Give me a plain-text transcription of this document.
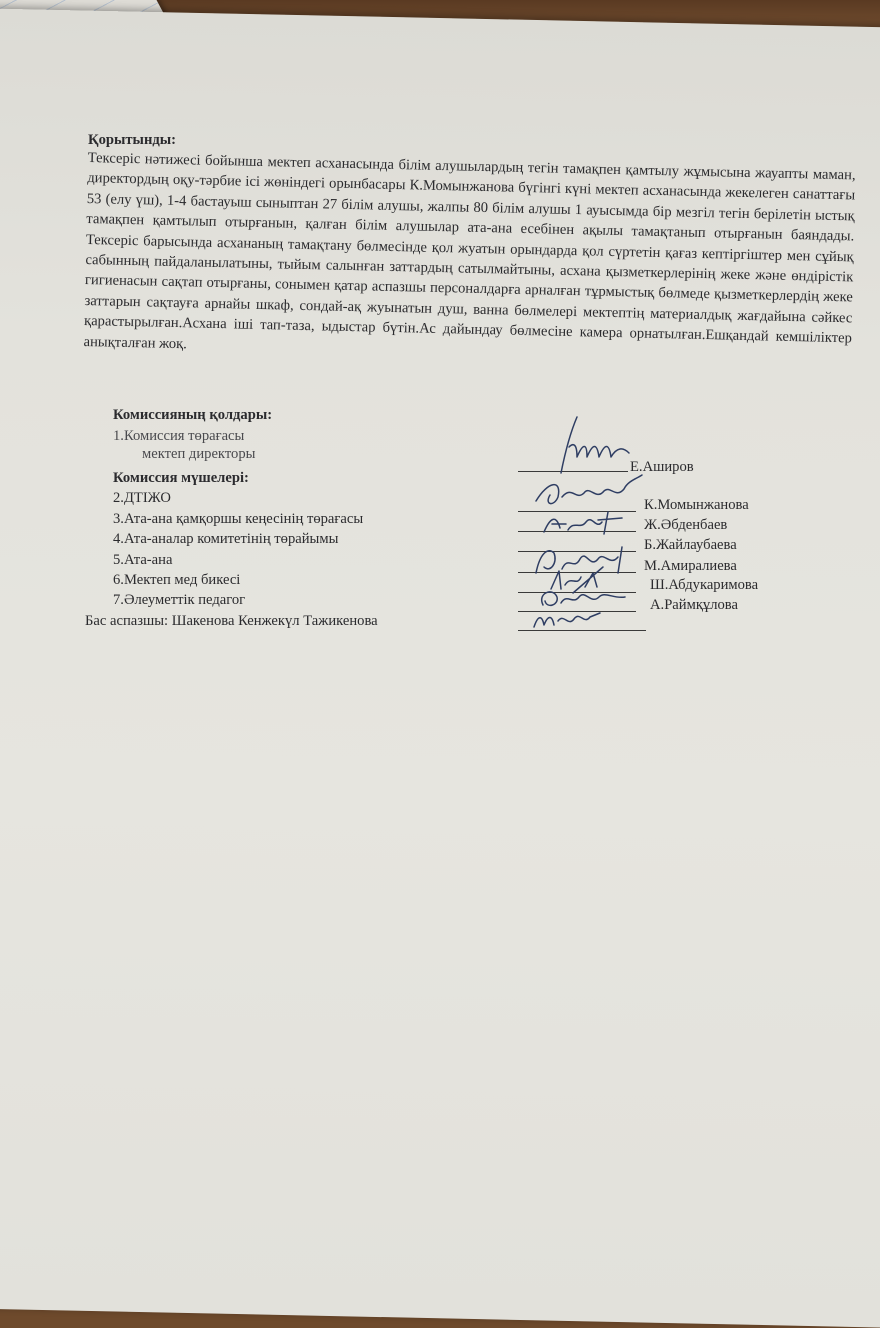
Қорытынды:

Тексеріс нәтижесі бойынша мектеп асханасында білім алушылардың тегін тамақпен қамтылу жұмысына жауапты маман, директордың оқу-тәрбие ісі жөніндегі орынбасары К.Момынжанова бүгінгі күні мектеп асханасында жекелеген санаттағы 53 (елу үш), 1-4 бастауыш сыныптан 27 білім алушы, жалпы 80 білім алушы 1 ауысымда бір мезгіл тегін берілетін ыстық тамақпен қамтылып отырғанын, қалған білім алушылар ата-ана есебінен ақылы тамақтанып отырғанын баяндады. Тексеріс барысында асхананың тамақтану бөлмесінде қол жуатын орындарда қол сүртетін қағаз кептіргіштер мен сұйық сабынның пайдаланылатыны, тыйым салынған заттардың сатылмайтыны, асхана қызметкерлерінің жеке және өндірістік гигиенасын сақтап отырғаны, сонымен қатар аспазшы персоналдарға арналған тұрмыстық бөлмеде қызметкерлердің жеке заттарын сақтауға арнайы шкаф, сондай-ақ жуынатын душ, ванна бөлмелері мектептің материалдық жағдайына сәйкес қарастырылған.Асхана іші тап-таза, ыдыстар бүтін.Ас дайындау бөлмесіне камера орнатылған.Ешқандай кемшіліктер анықталған жоқ.

Комиссияның қолдары:
1.Комиссия төрағасы
мектеп директоры
Комиссия мүшелері:
2.ДТІЖО
3.Ата-ана қамқоршы кеңесінің төрағасы
4.Ата-аналар комитетінің төрайымы
5.Ата-ана
6.Мектеп мед бикесі
7.Әлеуметтік педагог
Бас аспазшы: Шакенова Кенжекүл Тажикенова
Е.Аширов
К.Момынжанова
Ж.Әбденбаев
Б.Жайлаубаева
М.Амиралиева
Ш.Абдукаримова
А.Раймқұлова
